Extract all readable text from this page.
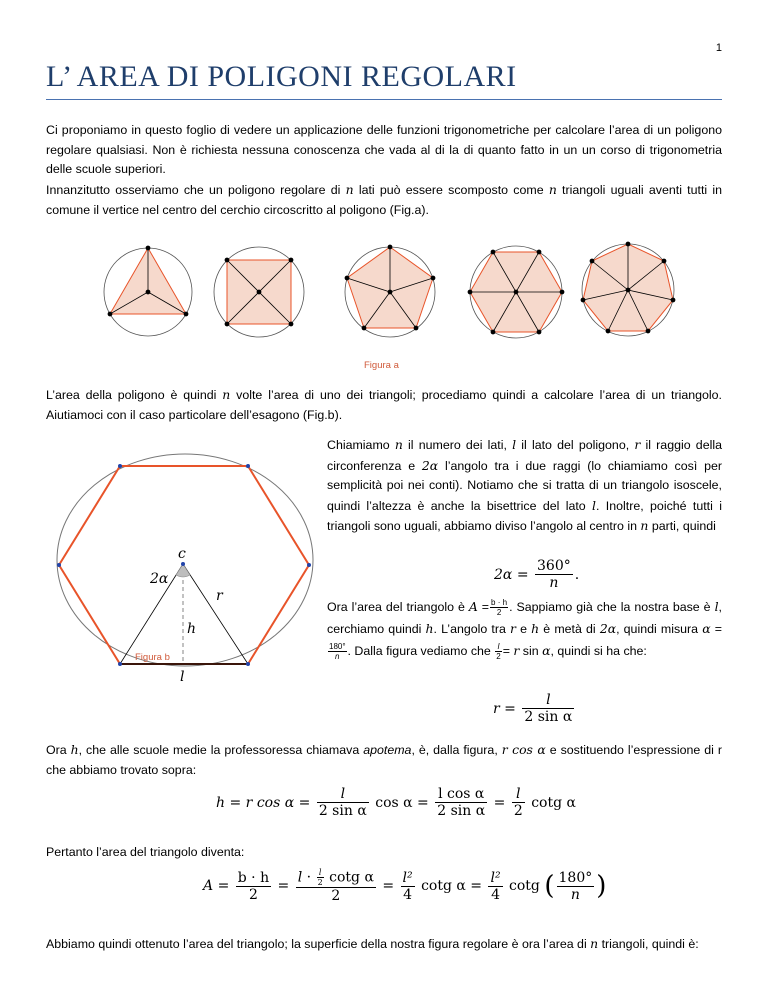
1
L’ AREA DI POLIGONI REGOLARI
Ci proponiamo in questo foglio di vedere un applicazione delle funzioni trigonometriche per calcolare l’area di un poligono regolare qualsiasi. Non è richiesta nessuna conoscenza che vada al di la di quanto fatto in un un corso di trigonometria delle scuole superiori.
Innanzitutto osserviamo che un poligono regolare di n lati può essere scomposto come n triangoli uguali aventi tutti in comune il vertice nel centro del cerchio circoscritto al poligono (Fig.a).
Figura a
L’area della poligono è quindi n volte l’area di uno dei triangoli; procediamo quindi a calcolare l’area di un triangolo. Aiutiamoci con il caso particolare dell’esagono (Fig.b).
c
2α
r
h
l
Figura b
Chiamiamo n il numero dei lati, l il lato del poligono, r il raggio della circonferenza e 2α l’angolo tra i due raggi (lo chiamiamo così per semplicità poi nei conti). Notiamo che si tratta di un triangolo isoscele, quindi l’altezza è anche la bisettrice del lato l. Inoltre, poiché tutti i triangoli sono uguali, abbiamo diviso l’angolo al centro in n parti, quindi
$2\alpha = \frac{360^\circ}{n}$ .
Ora l’area del triangolo è $A = \frac{b \cdot h}{2}$ . Sappiamo già che la nostra base è l, cerchiamo quindi h. L’angolo tra r e h è metà di 2α, quindi misura α =
$\frac{180^\circ}{n}$ . Dalla figura vediamo che $\frac{l}{2} = r$ sin α, quindi si ha che:
$r = \frac{l}{\text{2 sin α}}$
Ora h, che alle scuole medie la professoressa chiamava apotema, è, dalla figura, r cos α e sostituendo l’espressione di r che abbiamo trovato sopra:
h = r $\cos \alpha = \frac{l}{\text{2 sin α}}$ $\cos \alpha = \frac{\text{l cos α}}{\text{2 sin α}} = \frac{l}{2}$ cotg α
Pertanto l’area del triangolo diventa:
$A = \frac{b \cdot h}{2} = \frac{l \cdot \frac{l}{2} \cot g \alpha}{2} = \frac{\text{l²}}{4}$ cotg $\alpha = \frac{\text{l²}}{4}$ cotg ( $\frac{180^\circ}{n}$ )
Abbiamo quindi ottenuto l’area del triangolo; la superficie della nostra figura regolare è ora l’area di n triangoli, quindi è:
